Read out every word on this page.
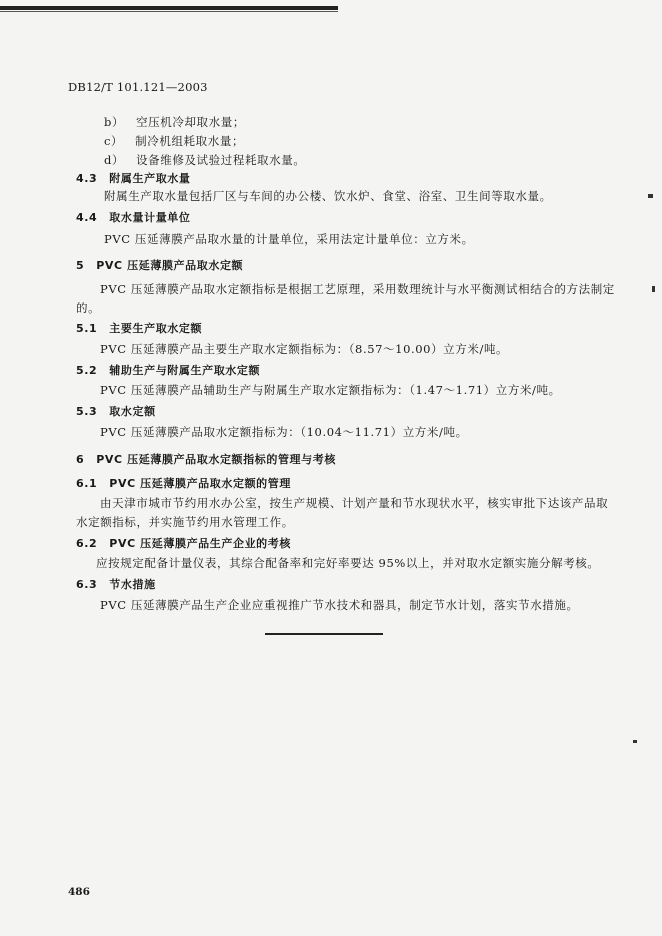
DB12/T 101.121—2003
b） 空压机冷却取水量；
c） 制冷机组耗取水量；
d） 设备维修及试验过程耗取水量。
4.3 附属生产取水量
附属生产取水量包括厂区与车间的办公楼、饮水炉、食堂、浴室、卫生间等取水量。
4.4 取水量计量单位
PVC 压延薄膜产品取水量的计量单位，采用法定计量单位：立方米。
5 PVC 压延薄膜产品取水定额
PVC 压延薄膜产品取水定额指标是根据工艺原理，采用数理统计与水平衡测试相结合的方法制定
的。
5.1 主要生产取水定额
PVC 压延薄膜产品主要生产取水定额指标为：（8.57～10.00）立方米/吨。
5.2 辅助生产与附属生产取水定额
PVC 压延薄膜产品辅助生产与附属生产取水定额指标为：（1.47～1.71）立方米/吨。
5.3 取水定额
PVC 压延薄膜产品取水定额指标为：（10.04～11.71）立方米/吨。
6 PVC 压延薄膜产品取水定额指标的管理与考核
6.1 PVC 压延薄膜产品取水定额的管理
由天津市城市节约用水办公室，按生产规模、计划产量和节水现状水平，核实审批下达该产品取
水定额指标，并实施节约用水管理工作。
6.2 PVC 压延薄膜产品生产企业的考核
应按规定配备计量仪表，其综合配备率和完好率要达 95%以上，并对取水定额实施分解考核。
6.3 节水措施
PVC 压延薄膜产品生产企业应重视推广节水技术和器具，制定节水计划，落实节水措施。
486
